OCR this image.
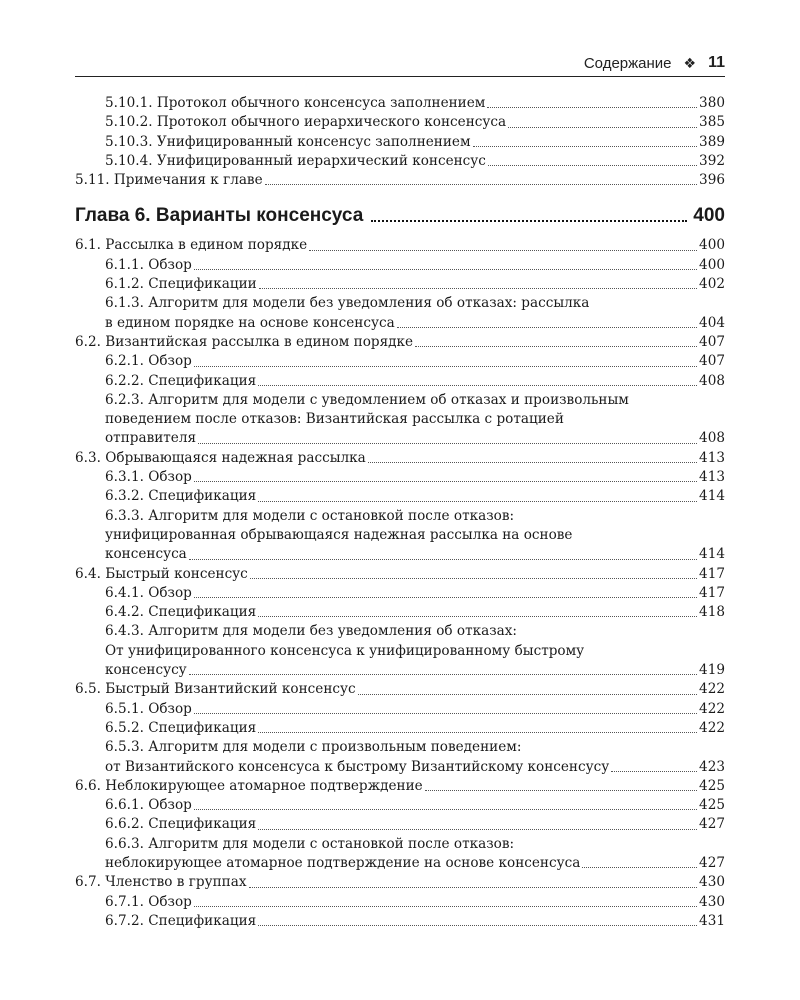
Содержание ❖ 11
5.10.1. Протокол обычного консенсуса заполнением	380
5.10.2. Протокол обычного иерархического консенсуса	385
5.10.3. Унифицированный консенсус заполнением	389
5.10.4. Унифицированный иерархический консенсус	392
5.11. Примечания к главе	396
Глава 6. Варианты консенсуса	400
6.1. Рассылка в едином порядке	400
6.1.1. Обзор	400
6.1.2. Спецификации	402
6.1.3. Алгоритм для модели без уведомления об отказах: рассылка
в едином порядке на основе консенсуса	404
6.2. Византийская рассылка в едином порядке	407
6.2.1. Обзор	407
6.2.2. Спецификация	408
6.2.3. Алгоритм для модели с уведомлением об отказах и произвольным
поведением после отказов: Византийская рассылка с ротацией
отправителя	408
6.3. Обрывающаяся надежная рассылка	413
6.3.1. Обзор	413
6.3.2. Спецификация	414
6.3.3. Алгоритм для модели с остановкой после отказов:
унифицированная обрывающаяся надежная рассылка на основе
консенсуса	414
6.4. Быстрый консенсус	417
6.4.1. Обзор	417
6.4.2. Спецификация	418
6.4.3. Алгоритм для модели без уведомления об отказах:
От унифицированного консенсуса к унифицированному быстрому
консенсусу	419
6.5. Быстрый Византийский консенсус	422
6.5.1. Обзор	422
6.5.2. Спецификация	422
6.5.3. Алгоритм для модели с произвольным поведением:
от Византийского консенсуса к быстрому Византийскому консенсусу	423
6.6. Неблокирующее атомарное подтверждение	425
6.6.1. Обзор	425
6.6.2. Спецификация	427
6.6.3. Алгоритм для модели с остановкой после отказов:
неблокирующее атомарное подтверждение на основе консенсуса	427
6.7. Членство в группах	430
6.7.1. Обзор	430
6.7.2. Спецификация	431
